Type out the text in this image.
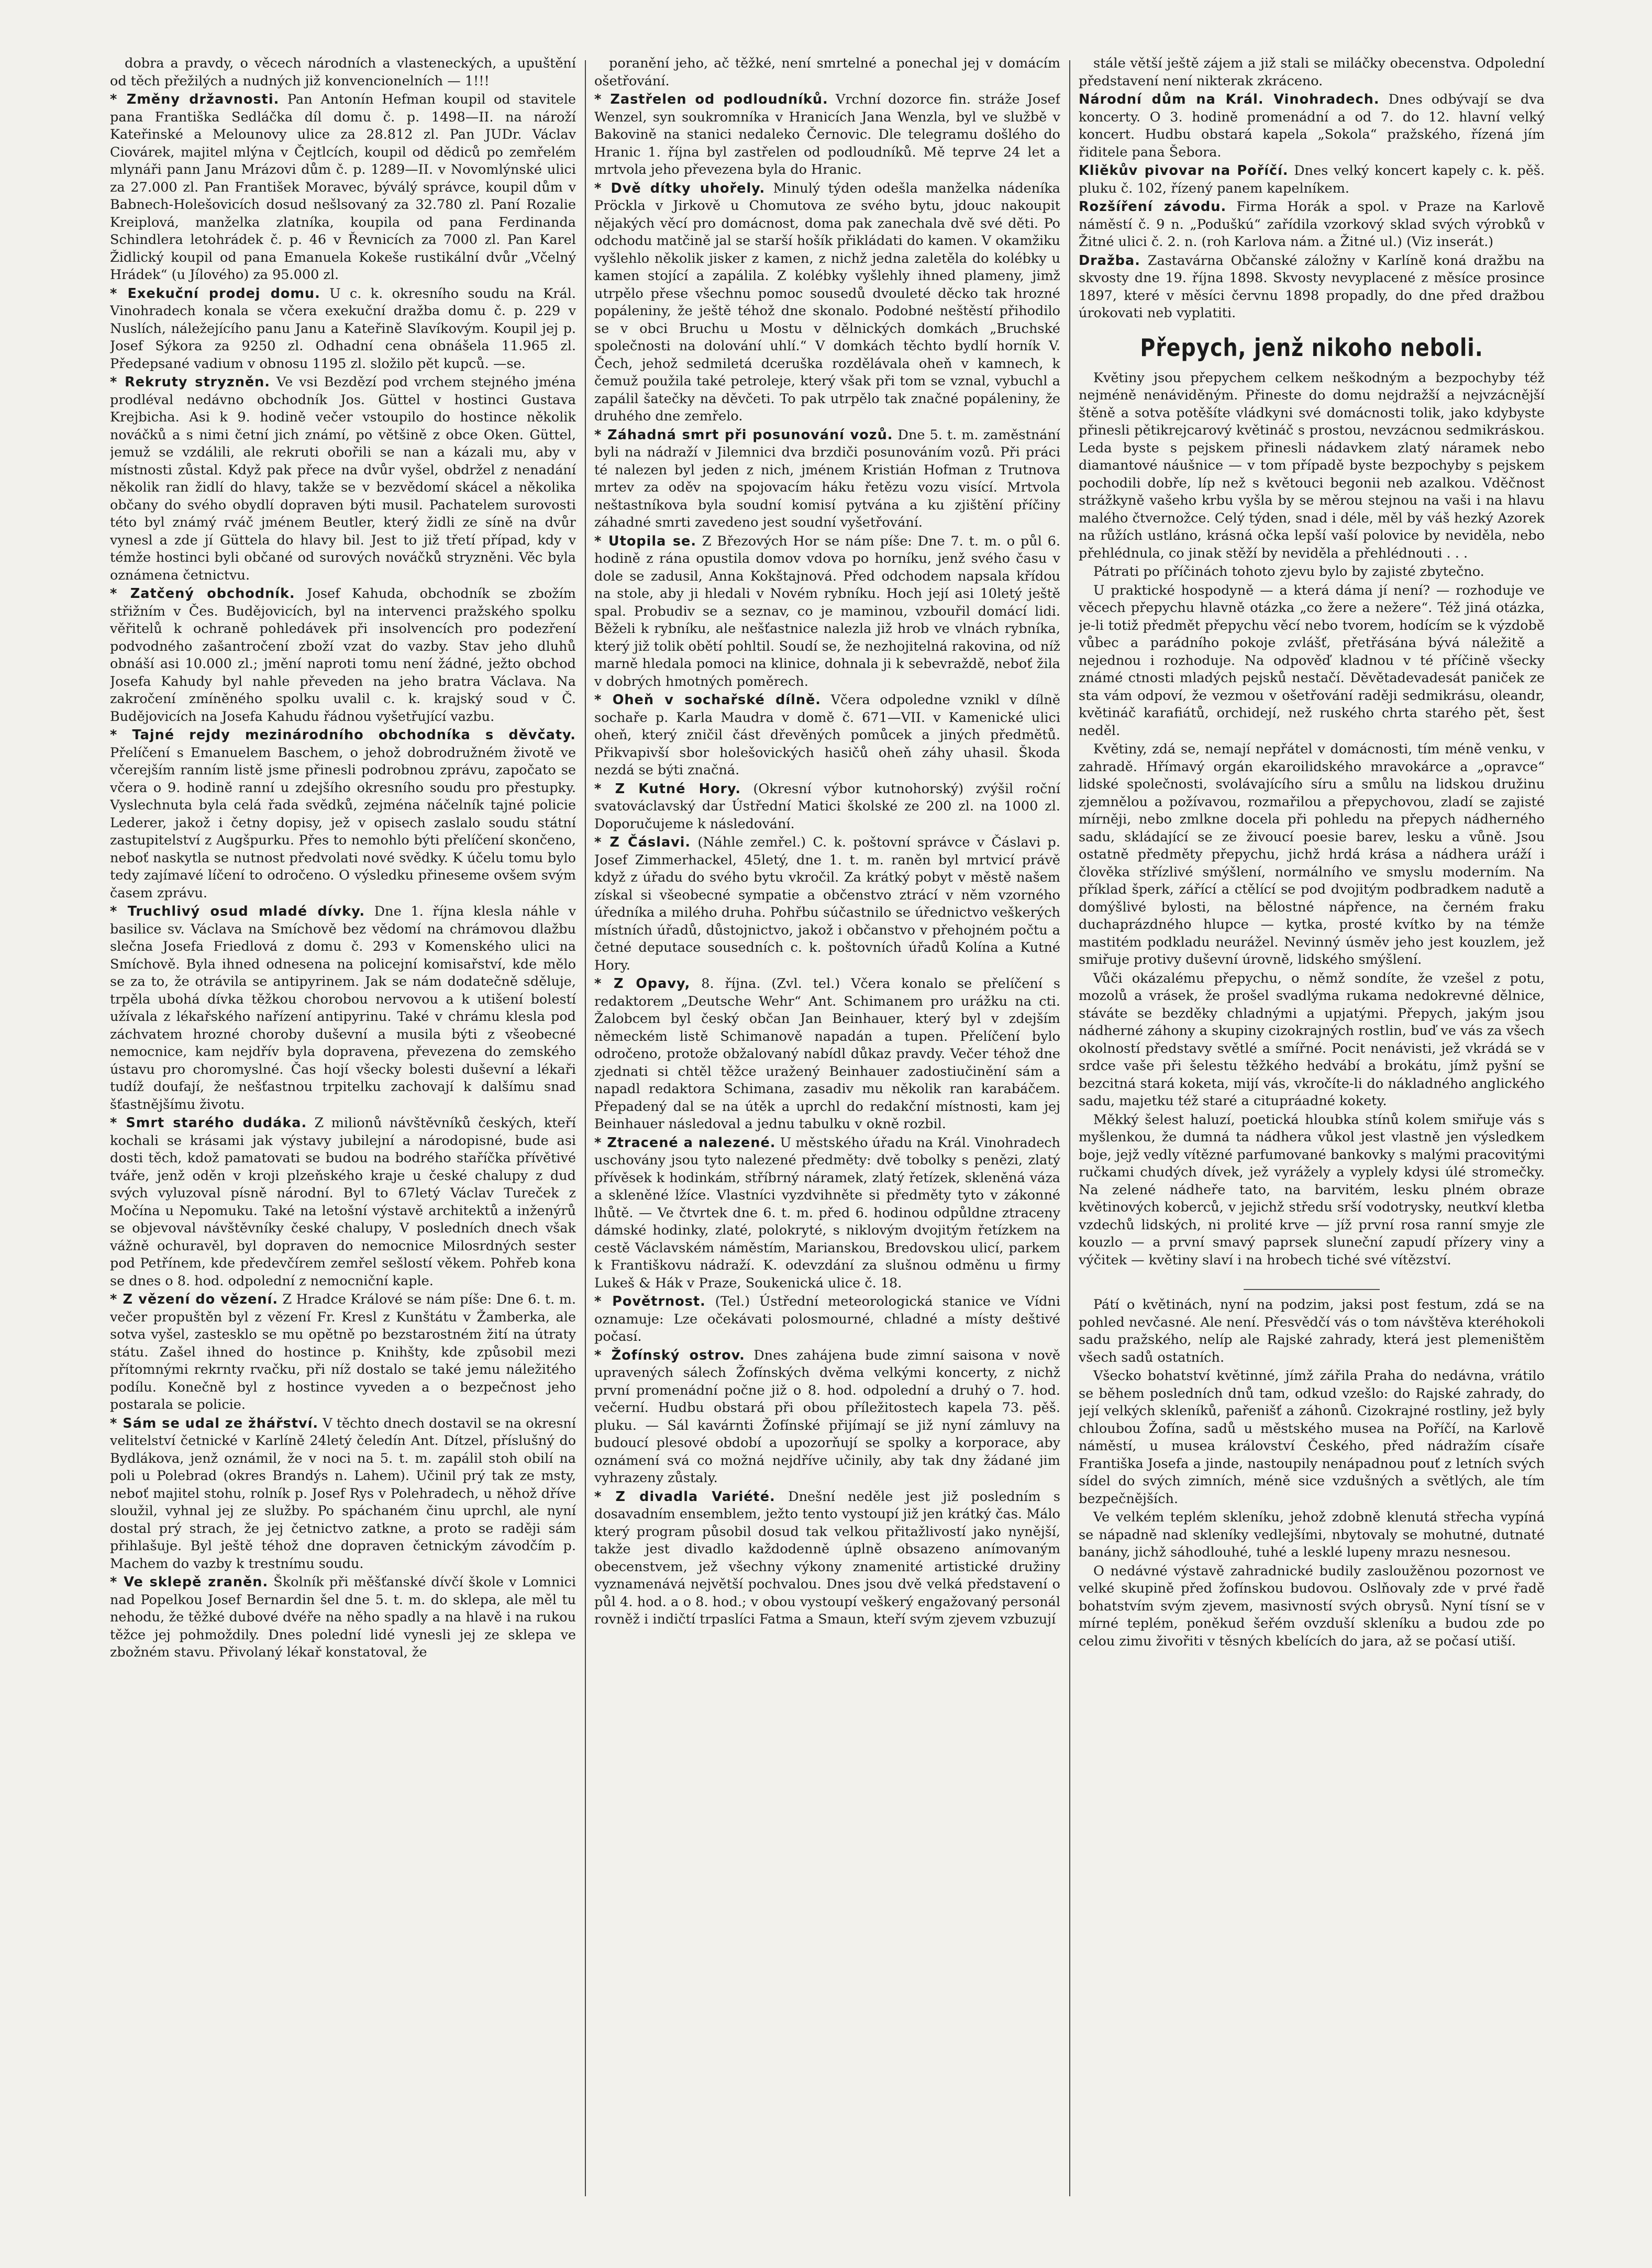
dobra a pravdy, o věcech národních a vlasteneckých, a upuštění od těch přežilých a nudných již konvencionelních — 1!!!

* Změny državnosti. Pan Antonín Hefman koupil od stavitele pana Františka Sedláčka díl domu č. p. 1498—II. na nároží Kateřinské a Melounovy ulice za 28.812 zl. Pan JUDr. Václav Ciovárek, majitel mlýna v Čejtlcích, koupil od dědiců po zemřelém mlynáři pann Janu Mrázovi dům č. p. 1289—II. v Novomlýnské ulici za 27.000 zl. Pan František Moravec, býválý správce, koupil dům v Babnech-Holešovicích dosud nešlsovaný za 32.780 zl. Paní Rozalie Kreiplová, manželka zlatníka, koupila od pana Ferdinanda Schindlera letohrádek č. p. 46 v Řevnicích za 7000 zl. Pan Karel Židlický koupil od pana Emanuela Kokeše rustikální dvůr „Včelný Hrádek“ (u Jílového) za 95.000 zl.

* Exekuční prodej domu. U c. k. okresního soudu na Král. Vinohradech konala se včera exekuční dražba domu č. p. 229 v Nuslích, náležejícího panu Janu a Kateřině Slavíkovým. Koupil jej p. Josef Sýkora za 9250 zl. Odhadní cena obnášela 11.965 zl. Předepsané vadium v obnosu 1195 zl. složilo pět kupců. —se.

* Rekruty stryzněn. Ve vsi Bezdězí pod vrchem stejného jména prodléval nedávno obchodník Jos. Güttel v hostinci Gustava Krejbicha. Asi k 9. hodině večer vstoupilo do hostince několik nováčků a s nimi četní jich známí, po většině z obce Oken. Güttel, jemuž se vzdálili, ale rekruti obořili se nan a kázali mu, aby v místnosti zůstal. Když pak přece na dvůr vyšel, obdržel z nenadání několik ran židlí do hlavy, takže se v bezvědomí skácel a několika občany do svého obydlí dopraven býti musil. Pachatelem surovosti této byl známý rváč jménem Beutler, který židli ze síně na dvůr vynesl a zde jí Güttela do hlavy bil. Jest to již třetí případ, kdy v témže hostinci byli občané od surových nováčků stryzněni. Věc byla oznámena četnictvu.

* Zatčený obchodník. Josef Kahuda, obchodník se zbožím střižním v Čes. Budějovicích, byl na intervenci pražského spolku věřitelů k ochraně pohledávek při insolvencích pro podezření podvodného zašantročení zboží vzat do vazby. Stav jeho dluhů obnáší asi 10.000 zl.; jmění naproti tomu není žádné, ježto obchod Josefa Kahudy byl nahle převeden na jeho bratra Václava. Na zakročení zmíněného spolku uvalil c. k. krajský soud v Č. Budějovicích na Josefa Kahudu řádnou vyšetřující vazbu.

* Tajné rejdy mezinárodního obchodníka s děvčaty. Přelíčení s Emanuelem Baschem, o jehož dobrodružném životě ve včerejším ranním listě jsme přinesli podrobnou zprávu, započato se včera o 9. hodině ranní u zdejšího okresního soudu pro přestupky. Vyslechnuta byla celá řada svědků, zejména náčelník tajné policie Lederer, jakož i četny dopisy, jež v opisech zaslalo soudu státní zastupitelství z Augšpurku. Přes to nemohlo býti přelíčení skončeno, neboť naskytla se nutnost předvolati nové svědky. K účelu tomu bylo tedy zajímavé líčení to odročeno. O výsledku přineseme ovšem svým časem zprávu.

* Truchlivý osud mladé dívky. Dne 1. října klesla náhle v basilice sv. Václava na Smíchově bez vědomí na chrámovou dlažbu slečna Josefa Friedlová z domu č. 293 v Komenského ulici na Smíchově. Byla ihned odnesena na policejní komisařství, kde mělo se za to, že otrávila se antipyrinem. Jak se nám dodatečně sděluje, trpěla ubohá dívka těžkou chorobou nervovou a k utišení bolestí užívala z lékařského nařízení antipyrinu. Také v chrámu klesla pod záchvatem hrozné choroby duševní a musila býti z všeobecné nemocnice, kam nejdřív byla dopravena, převezena do zemského ústavu pro choromyslné. Čas hojí všecky bolesti duševní a lékaři tudíž doufají, že nešťastnou trpitelku zachovají k dalšímu snad šťastnějšímu životu.

* Smrt starého dudáka. Z milionů návštěvníků českých, kteří kochali se krásami jak výstavy jubilejní a národopisné, bude asi dosti těch, kdož pamatovati se budou na bodrého staříčka přívětivé tváře, jenž oděn v kroji plzeňského kraje u české chalupy z dud svých vyluzoval písně národní. Byl to 67letý Václav Tureček z Močína u Nepomuku. Také na letošní výstavě architektů a inženýrů se objevoval návštěvníky české chalupy, V posledních dnech však vážně ochuravěl, byl dopraven do nemocnice Milosrdných sester pod Petřínem, kde předevčírem zemřel sešlostí věkem. Pohřeb kona se dnes o 8. hod. odpolední z nemocniční kaple.

* Z vězení do vězení. Z Hradce Králové se nám píše: Dne 6. t. m. večer propuštěn byl z vězení Fr. Kresl z Kunštátu v Žamberka, ale sotva vyšel, zastesklo se mu opětně po bezstarostném žití na útraty státu. Zašel ihned do hostince p. Knihšty, kde způsobil mezi přítomnými rekrnty rvačku, při níž dostalo se také jemu náležitého podílu. Konečně byl z hostince vyveden a o bezpečnost jeho postarala se policie.

* Sám se udal ze žhářství. V těchto dnech dostavil se na okresní velitelství četnické v Karlíně 24letý čeledín Ant. Dítzel, příslušný do Bydlákova, jenž oznámil, že v noci na 5. t. m. zapálil stoh obilí na poli u Polebrad (okres Brandýs n. Lahem). Učinil prý tak ze msty, neboť majitel stohu, rolník p. Josef Rys v Polehradech, u něhož dříve sloužil, vyhnal jej ze služby. Po spáchaném činu uprchl, ale nyní dostal prý strach, že jej četnictvo zatkne, a proto se raději sám přihlašuje. Byl ještě téhož dne dopraven četnickým závodčím p. Machem do vazby k trestnímu soudu.

* Ve sklepě zraněn. Školník při měšťanské dívčí škole v Lomnici nad Popelkou Josef Bernardin šel dne 5. t. m. do sklepa, ale měl tu nehodu, že těžké dubové dvéře na něho spadly a na hlavě i na rukou těžce jej pohmoždily. Dnes polední lidé vynesli jej ze sklepa ve zbožném stavu. Přivolaný lékař konstatoval, že

poranění jeho, ač těžké, není smrtelné a ponechal jej v domácím ošetřování.

* Zastřelen od podloudníků. Vrchní dozorce fin. stráže Josef Wenzel, syn soukromníka v Hranicích Jana Wenzla, byl ve službě v Bakovině na stanici nedaleko Černovic. Dle telegramu došlého do Hranic 1. října byl zastřelen od podloudníků. Mě teprve 24 let a mrtvola jeho převezena byla do Hranic.

* Dvě dítky uhořely. Minulý týden odešla manželka nádeníka Pröckla v Jirkově u Chomutova ze svého bytu, jdouc nakoupit nějakých věcí pro domácnost, doma pak zanechala dvě své děti. Po odchodu matčině jal se starší hošík přikládati do kamen. V okamžiku vyšlehlo několik jisker z kamen, z nichž jedna zaletěla do kolébky u kamen stojící a zapálila. Z kolébky vyšlehly ihned plameny, jimž utrpělo přese všechnu pomoc sousedů dvouleté děcko tak hrozné popáleniny, že ještě téhož dne skonalo. Podobné neštěstí přihodilo se v obci Bruchu u Mostu v dělnických domkách „Bruchské společnosti na dolování uhlí.“ V domkách těchto bydlí horník V. Čech, jehož sedmiletá dceruška rozdělávala oheň v kamnech, k čemuž použila také petroleje, který však při tom se vznal, vybuchl a zapálil šatečky na děvčeti. To pak utrpělo tak značné popáleniny, že druhého dne zemřelo.

* Záhadná smrt při posunování vozů. Dne 5. t. m. zaměstnání byli na nádraží v Jilemnici dva brzdiči posunováním vozů. Při práci té nalezen byl jeden z nich, jménem Kristián Hofman z Trutnova mrtev za oděv na spojovacím háku řetězu vozu visící. Mrtvola neštastníkova byla soudní komisí pytvána a ku zjištění příčiny záhadné smrti zavedeno jest soudní vyšetřování.

* Utopila se. Z Březových Hor se nám píše: Dne 7. t. m. o půl 6. hodině z rána opustila domov vdova po horníku, jenž svého času v dole se zadusil, Anna Kokštajnová. Před odchodem napsala křídou na stole, aby ji hledali v Novém rybníku. Hoch její asi 10letý ještě spal. Probudiv se a seznav, co je maminou, vzbouřil domácí lidi. Běželi k rybníku, ale nešťastnice nalezla již hrob ve vlnách rybníka, který již tolik obětí pohltil. Soudí se, že nezhojitelná rakovina, od níž marně hledala pomoci na klinice, dohnala ji k sebevraždě, neboť žila v dobrých hmotných poměrech.

* Oheň v sochařské dílně. Včera odpoledne vznikl v dílně sochaře p. Karla Maudra v domě č. 671—VII. v Kamenické ulici oheň, který zničil část dřevěných pomůcek a jiných předmětů. Přikvapivší sbor holešovických hasičů oheň záhy uhasil. Škoda nezdá se býti značná.

* Z Kutné Hory. (Okresní výbor kutnohorský) zvýšil roční svatováclavský dar Ústřední Matici školské ze 200 zl. na 1000 zl. Doporučujeme k následování.

* Z Čáslavi. (Náhle zemřel.) C. k. poštovní správce v Čáslavi p. Josef Zimmerhackel, 45letý, dne 1. t. m. raněn byl mrtvicí právě když z úřadu do svého bytu vkročil. Za krátký pobyt v městě našem získal si všeobecné sympatie a občenstvo ztrácí v něm vzorného úředníka a milého druha. Pohřbu súčastnilo se úřednictvo veškerých místních úřadů, důstojnictvo, jakož i občanstvo v přehojném počtu a četné deputace sousedních c. k. poštovních úřadů Kolína a Kutné Hory.

* Z Opavy, 8. října. (Zvl. tel.) Včera konalo se přelíčení s redaktorem „Deutsche Wehr“ Ant. Schimanem pro urážku na cti. Žalobcem byl český občan Jan Beinhauer, který byl v zdejším německém listě Schimanově napadán a tupen. Přelíčení bylo odročeno, protože obžalovaný nabídl důkaz pravdy. Večer téhož dne zjednati si chtěl těžce uražený Beinhauer zadostiučinění sám a napadl redaktora Schimana, zasadiv mu několik ran karabáčem. Přepadený dal se na útěk a uprchl do redakční místnosti, kam jej Beinhauer následoval a jednu tabulku v okně rozbil.

* Ztracené a nalezené. U městského úřadu na Král. Vinohradech uschovány jsou tyto nalezené předměty: dvě tobolky s penězi, zlatý přívěsek k hodinkám, stříbrný náramek, zlatý řetízek, skleněná váza a skleněné lžíce. Vlastníci vyzdvihněte si předměty tyto v zákonné lhůtě. — Ve čtvrtek dne 6. t. m. před 6. hodinou odpůldne ztraceny dámské hodinky, zlaté, polokryté, s niklovým dvojitým řetízkem na cestě Václavském náměstím, Marianskou, Bredovskou ulicí, parkem k Františkovu nádraží. K. odevzdání za slušnou odměnu u firmy Lukeš & Hák v Praze, Soukenická ulice č. 18.

* Povětrnost. (Tel.) Ústřední meteorologická stanice ve Vídni oznamuje: Lze očekávati polosmourné, chladné a místy deštivé počasí.

* Žofínský ostrov. Dnes zahájena bude zimní saisona v nově upravených sálech Žofínských dvěma velkými koncerty, z nichž první promenádní počne již o 8. hod. odpolední a druhý o 7. hod. večerní. Hudbu obstará při obou příležitostech kapela 73. pěš. pluku. — Sál kavárnti Žofínské přijímají se již nyní zámluvy na budoucí plesové období a upozorňují se spolky a korporace, aby oznámení svá co možná nejdříve učinily, aby tak dny žádané jim vyhrazeny zůstaly.

* Z divadla Variété. Dnešní neděle jest již posledním s dosavadním ensemblem, ježto tento vystoupí již jen krátký čas. Málo který program působil dosud tak velkou přitažlivostí jako nynější, takže jest divadlo každodenně úplně obsazeno anímovaným obecenstvem, jež všechny výkony znamenité artistické družiny vyznamenává největší pochvalou. Dnes jsou dvě velká představení o půl 4. hod. a o 8. hod.; v obou vystoupí veškerý engažovaný personál rovněž i indičtí trpaslíci Fatma a Smaun, kteří svým zjevem vzbuzují

stále větší ještě zájem a již stali se miláčky obecenstva. Odpolední představení není nikterak zkráceno.

Národní dům na Král. Vinohradech. Dnes odbývají se dva koncerty. O 3. hodině promenádní a od 7. do 12. hlavní velký koncert. Hudbu obstará kapela „Sokola“ pražského, řízená jím řiditele pana Šebora.

Kliěkův pivovar na Poříčí. Dnes velký koncert kapely c. k. pěš. pluku č. 102, řízený panem kapelníkem.

Rozšíření závodu. Firma Horák a spol. v Praze na Karlově náměstí č. 9 n. „Poduškú“ zařídila vzorkový sklad svých výrobků v Žitné ulici č. 2. n. (roh Karlova nám. a Žitné ul.) (Viz inserát.)

Dražba. Zastavárna Občanské záložny v Karlíně koná dražbu na skvosty dne 19. října 1898. Skvosty nevyplacené z měsíce prosince 1897, které v měsíci červnu 1898 propadly, do dne před dražbou úrokovati neb vyplatiti.

Přepych, jenž nikoho neboli.

Květiny jsou přepychem celkem neškodným a bezpochyby též nejméně nenáviděným. Přineste do domu nejdražší a nejvzácnější štěně a sotva potěšíte vládkyni své domácnosti tolik, jako kdybyste přinesli pětikrejcarový květináč s prostou, nevzácnou sedmikráskou. Leda byste s pejskem přinesli nádavkem zlatý náramek nebo diamantové náušnice — v tom případě byste bezpochyby s pejskem pochodili dobře, líp než s květouci begonii neb azalkou. Vděčnost strážkyně vašeho krbu vyšla by se měrou stejnou na vaši i na hlavu malého čtvernožce. Celý týden, snad i déle, měl by váš hezký Azorek na růžích ustláno, krásná očka lepší vaší polovice by neviděla, nebo přehlédnula, co jinak stěží by neviděla a přehlédnouti . . .

Pátrati po příčinách tohoto zjevu bylo by zajisté zbytečno.

U praktické hospodyně — a která dáma jí není? — rozhoduje ve věcech přepychu hlavně otázka „co žere a nežere“. Též jiná otázka, je-li totiž předmět přepychu věcí nebo tvorem, hodícím se k výzdobě vůbec a parádního pokoje zvlášť, přetřásána bývá náležitě a nejednou i rozhoduje. Na odpověď kladnou v té příčině všecky známé ctnosti mladých pejsků nestačí. Děvětadevadesát paniček ze sta vám odpoví, že vezmou v ošetřování raději sedmikrásu, oleandr, květináč karafiátů, orchidejí, než ruského chrta starého pět, šest neděl.

Květiny, zdá se, nemají nepřátel v domácnosti, tím méně venku, v zahradě. Hřímavý orgán ekaroilidského mravokárce a „opravce“ lidské společnosti, svolávajícího síru a smůlu na lidskou družinu zjemnělou a požívavou, rozmařilou a přepychovou, zladí se zajisté mírněji, nebo zmlkne docela při pohledu na přepych nádherného sadu, skládající se ze živoucí poesie barev, lesku a vůně. Jsou ostatně předměty přepychu, jichž hrdá krása a nádhera uráží i člověka střízlivé smýšlení, normálního ve smyslu moderním. Na příklad šperk, zářící a ctělící se pod dvojitým podbradkem nadutě a domýšlivé bylosti, na bělostné nápřence, na černém fraku duchaprázdného hlupce — kytka, prosté kvítko by na témže mastitém podkladu neurážel. Nevinný úsměv jeho jest kouzlem, jež smiřuje protivy duševní úrovně, lidského smýšlení.

Vůči okázalému přepychu, o němž sondíte, že vzešel z potu, mozolů a vrásek, že prošel svadlýma rukama nedokrevné dělnice, stáváte se bezděky chladnými a upjatými. Přepych, jakým jsou nádherné záhony a skupiny cizokrajných rostlin, buď ve vás za všech okolností představy světlé a smířné. Pocit nenávisti, jež vkrádá se v srdce vaše při šelestu těžkého hedvábí a brokátu, jímž pyšní se bezcitná stará koketa, mijí vás, vkročíte-li do nákladného anglického sadu, majetku též staré a citupráadné kokety.

Měkký šelest haluzí, poetická hloubka stínů kolem smiřuje vás s myšlenkou, že dumná ta nádhera vůkol jest vlastně jen výsledkem boje, jejž vedly vítězné parfumované bankovky s malými pracovitými ručkami chudých dívek, jež vyrážely a vyplely kdysi úlé stromečky. Na zelené nádheře tato, na barvitém, lesku plném obraze květinových koberců, v jejichž středu srší vodotrysky, neutkví kletba vzdechů lidských, ni prolité krve — jíž první rosa ranní smyje zle kouzlo — a první smavý paprsek sluneční zapudí přízery viny a výčitek — květiny slaví i na hrobech tiché své vítězství.

Pátí o květinách, nyní na podzim, jaksi post festum, zdá se na pohled nevčasné. Ale není. Přesvědčí vás o tom návštěva kteréhokoli sadu pražského, nelíp ale Rajské zahrady, která jest plemeništěm všech sadů ostatních.

Všecko bohatství květinné, jímž zářila Praha do nedávna, vrátilo se během posledních dnů tam, odkud vzešlo: do Rajské zahrady, do její velkých skleníků, pařenišť a záhonů. Cizokrajné rostliny, jež byly chloubou Žofína, sadů u městského musea na Poříčí, na Karlově náměstí, u musea království Českého, před nádražím císaře Františka Josefa a jinde, nastoupily nenápadnou pouť z letních svých sídel do svých zimních, méně sice vzdušných a světlých, ale tím bezpečnějších.

Ve velkém teplém skleníku, jehož zdobně klenutá střecha vypíná se nápadně nad skleníky vedlejšími, nbytovaly se mohutné, dutnaté banány, jichž sáhodlouhé, tuhé a lesklé lupeny mrazu nesnesou.

O nedávné výstavě zahradnické budily zasloužěnou pozornost ve velké skupině před žofínskou budovou. Oslňovaly zde v prvé řadě bohatstvím svým zjevem, masivností svých obrysů. Nyní tísní se v mírné teplém, poněkud šeřém ovzduší skleníku a budou zde po celou zimu živořiti v těsných kbelících do jara, až se počasí utiší.
